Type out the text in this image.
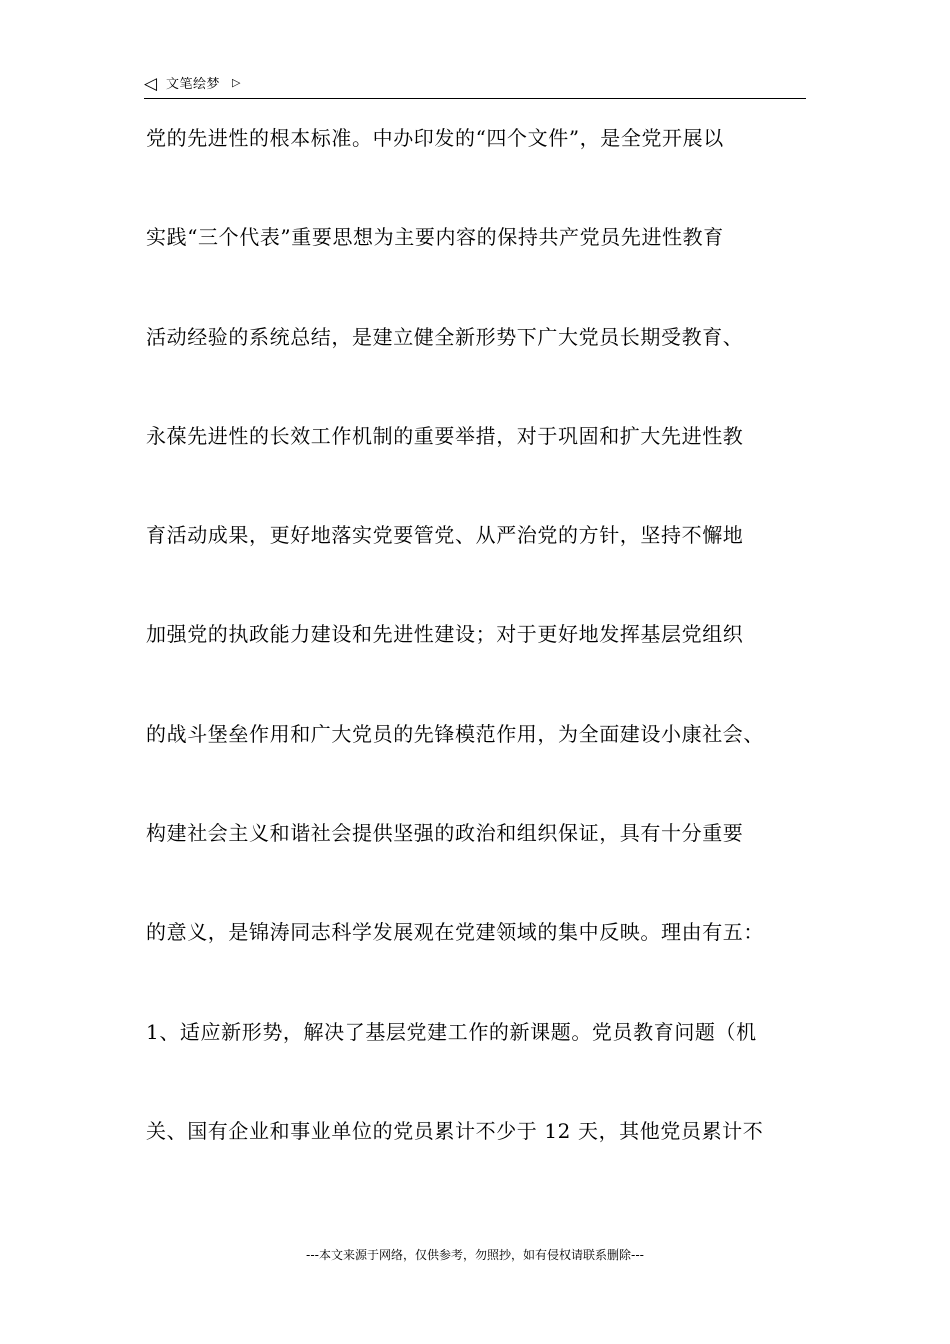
◁ 文笔绘梦 ▷
党的先进性的根本标准。中办印发的“四个文件”，是全党开展以
实践“三个代表”重要思想为主要内容的保持共产党员先进性教育
活动经验的系统总结，是建立健全新形势下广大党员长期受教育、
永葆先进性的长效工作机制的重要举措，对于巩固和扩大先进性教
育活动成果，更好地落实党要管党、从严治党的方针，坚持不懈地
加强党的执政能力建设和先进性建设；对于更好地发挥基层党组织
的战斗堡垒作用和广大党员的先锋模范作用，为全面建设小康社会、
构建社会主义和谐社会提供坚强的政治和组织保证，具有十分重要
的意义，是锦涛同志科学发展观在党建领域的集中反映。理由有五：
1、适应新形势，解决了基层党建工作的新课题。党员教育问题（机
关、国有企业和事业单位的党员累计不少于 12 天，其他党员累计不
---本文来源于网络，仅供参考，勿照抄，如有侵权请联系删除---
